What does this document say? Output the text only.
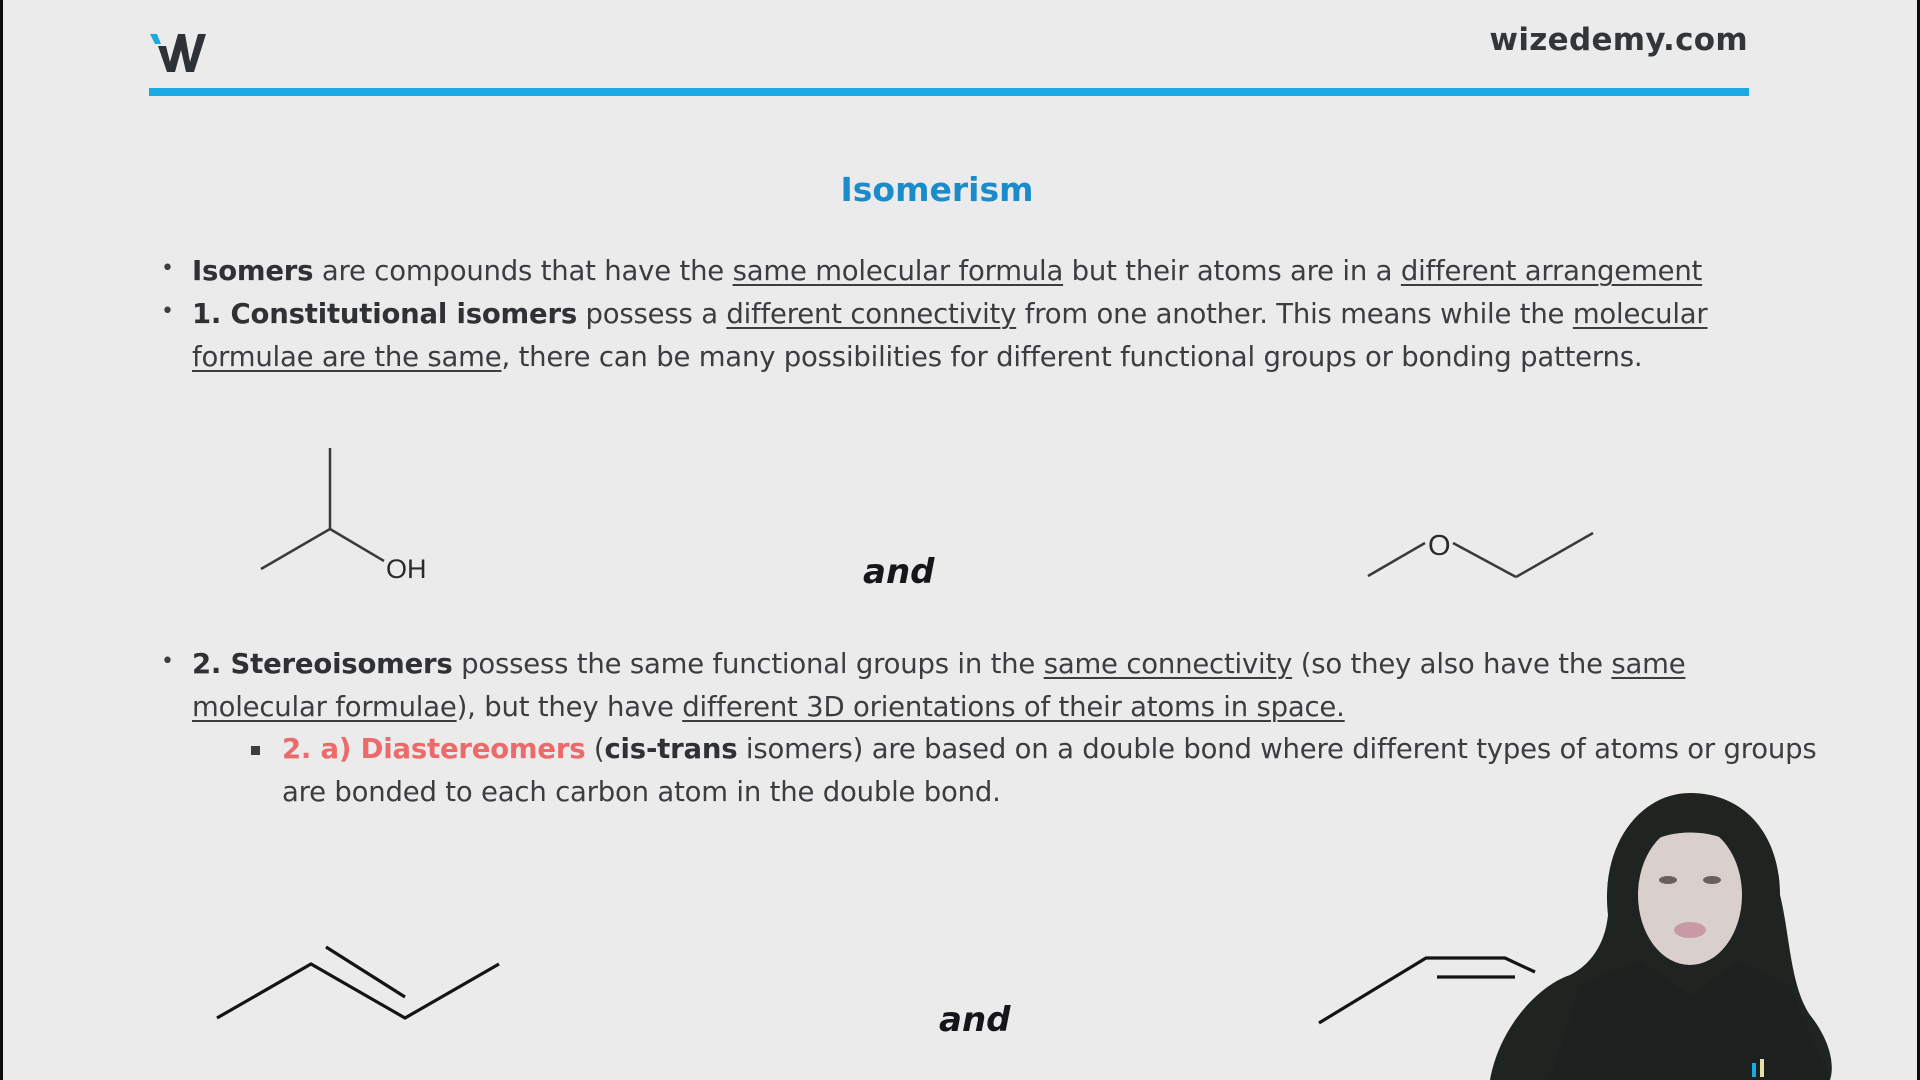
wizedemy.com
Isomerism
• Isomers are compounds that have the same molecular formula but their atoms are in a different arrangement
• 1. Constitutional isomers possess a different connectivity from one another. This means while the molecular
formulae are the same, there can be many possibilities for different functional groups or bonding patterns.
OH	and
O
• 2. Stereoisomers possess the same functional groups in the same connectivity (so they also have the same
molecular formulae), but they have different 3D orientations of their atoms in space.
2. a) Diastereomers (cis-trans isomers) are based on a double bond where different types of atoms or groups
are bonded to each carbon atom in the double bond.
and
